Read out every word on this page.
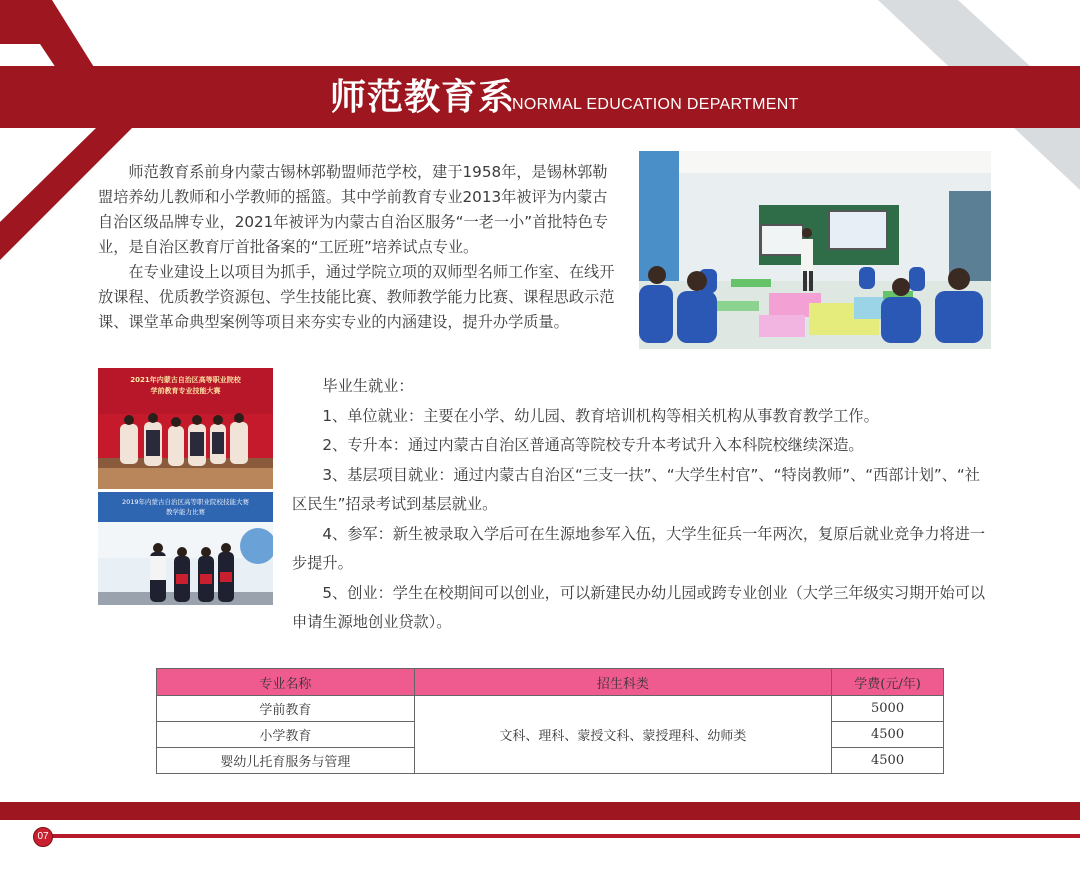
师范教育系
NORMAL EDUCATION DEPARTMENT

师范教育系前身内蒙古锡林郭勒盟师范学校，建于1958年，是锡林郭勒盟培养幼儿教师和小学教师的摇篮。其中学前教育专业2013年被评为内蒙古自治区级品牌专业，2021年被评为内蒙古自治区服务“一老一小”首批特色专业，是自治区教育厅首批备案的“工匠班”培养试点专业。

在专业建设上以项目为抓手，通过学院立项的双师型名师工作室、在线开放课程、优质教学资源包、学生技能比赛、教师教学能力比赛、课程思政示范课、课堂革命典型案例等项目来夯实专业的内涵建设，提升办学质量。

2021年内蒙古自治区高等职业院校
学前教育专业技能大赛
2019年内蒙古自治区高等职业院校技能大赛
教学能力比赛

毕业生就业：

1、单位就业：主要在小学、幼儿园、教育培训机构等相关机构从事教育教学工作。

2、专升本：通过内蒙古自治区普通高等院校专升本考试升入本科院校继续深造。

3、基层项目就业：通过内蒙古自治区“三支一扶”、“大学生村官”、“特岗教师”、“西部计划”、“社区民生”招录考试到基层就业。

4、参军：新生被录取入学后可在生源地参军入伍，大学生征兵一年两次，复原后就业竞争力将进一步提升。

5、创业：学生在校期间可以创业，可以新建民办幼儿园或跨专业创业（大学三年级实习期开始可以申请生源地创业贷款）。

专业名称	招生科类	学费(元/年)
学前教育	文科、理科、蒙授文科、蒙授理科、幼师类	5000
小学教育		4500
婴幼儿托育服务与管理		4500
07
